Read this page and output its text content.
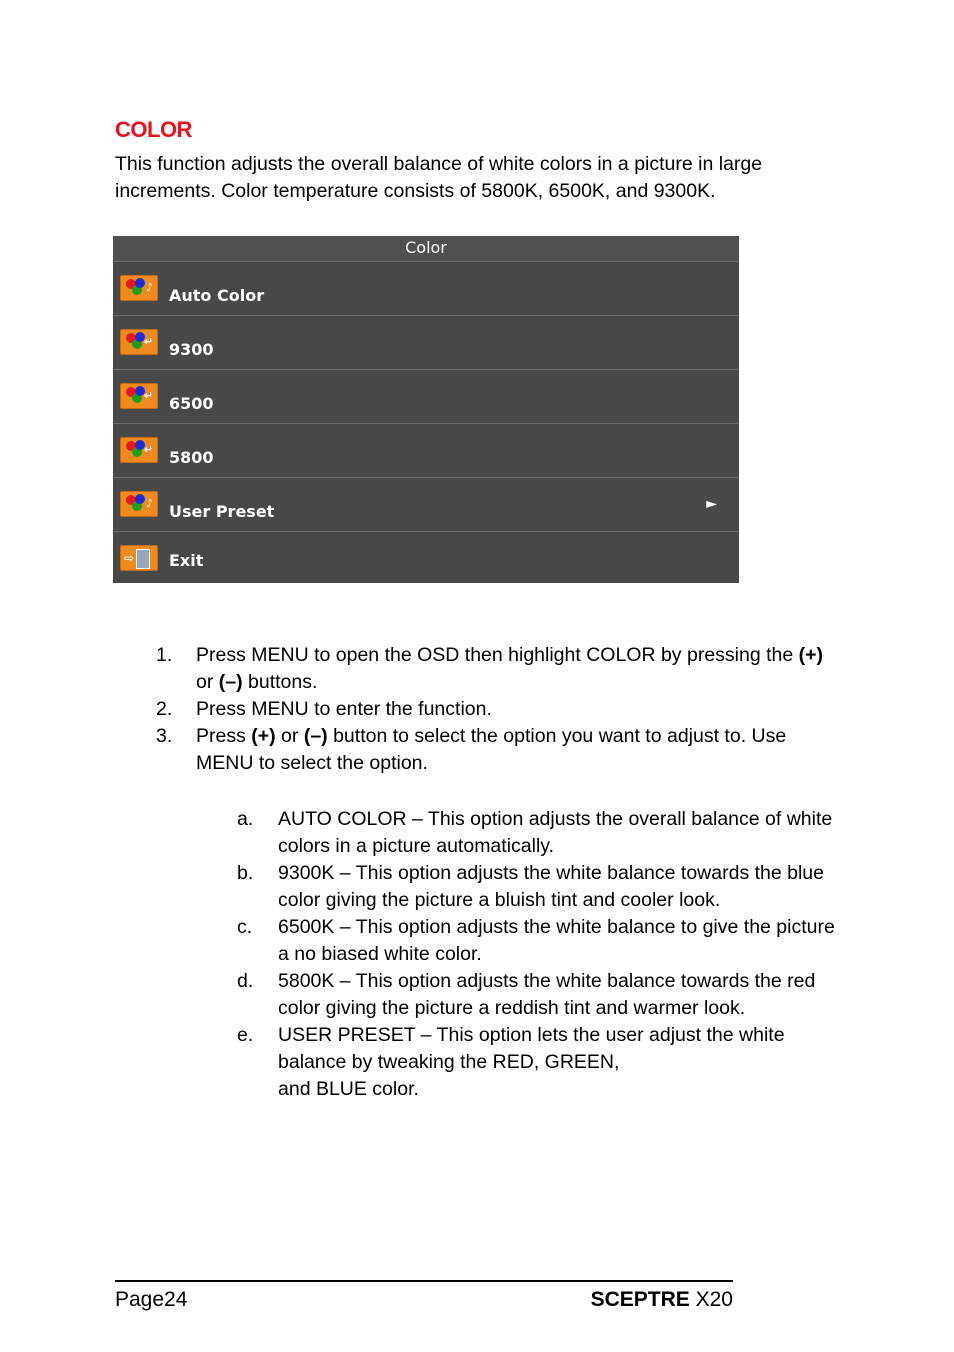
COLOR
This function adjusts the overall balance of white colors in a picture in large increments. Color temperature consists of 5800K, 6500K, and 9300K.
Color
♪ Auto Color
↵ 9300
↵ 6500
↵ 5800
♪ User Preset	►
⇨ Exit
1. Press MENU to open the OSD then highlight COLOR by pressing the (+) or (–) buttons.
2. Press MENU to enter the function.
3. Press (+) or (–) button to select the option you want to adjust to. Use MENU to select the option.
a. AUTO COLOR – This option adjusts the overall balance of white colors in a picture automatically.
b. 9300K – This option adjusts the white balance towards the blue color giving the picture a bluish tint and cooler look.
c. 6500K – This option adjusts the white balance to give the picture a no biased white color.
d. 5800K – This option adjusts the white balance towards the red color giving the picture a reddish tint and warmer look.
e. USER PRESET – This option lets the user adjust the white balance by tweaking the RED, GREEN,
and BLUE color.
Page24	SCEPTRE X20
